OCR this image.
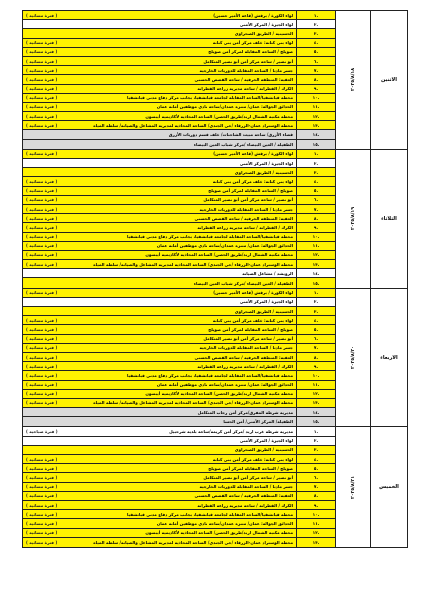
الاثنين
٢٠٢٥/٨/١٨
١.
٢.
٣.
٤.
٥.
٦.
٧.
٨.
٩.
١٠.
١١.
١٢.
١٣.
١٤.
١٥.
لواء الكورة / برقش (قاعة الأمير حسين)
( فترة مسائية )
لواء الجيزة / المركز الأمني
الحسينية / الطريق الصحراوي
لواء بني كنانة: خلف مركز أمن بني كنانة
( فترة مسائية )
صويلح / الساحة المقابلة لمركز أمن صويلح
( فترة مسائية )
أبو نصير / ساحة مركز أمن أبو نصير المتكامل
( فترة مسائية )
جسر مادبا / الساحة المقابلة للدوريات الخارجية
( فترة مسائية )
العقبة: المنطقة الحرفية / ساحة القصص الحسني
( فترة مسائية )
الكرك / القطرانة / ساحة مديرية زراعة القطرانة
( فترة مسائية )
محطة قباتشقيا/الساحة المقابلة لجامعة قباتشقيا، بجانب مركز دفاع مدني قباتشقيا
( فترة مسائية )
الحدائق الجوالة: عمان/ متنزه عمدان/ساحة نادي موظفين أمانة عمان
( فترة مسائية )
محطة مكتبة الشمال اربد/طريق الحصن/ الساحة المحاذية لأكاديمية أيبسون
( فترة مسائية )
محطة الوستراد عمان-الزرقاء /حي الجندي/ الساحة المحاذية لمديرية المشاغل والصيانة/ سلطة المياه
( فترة مسائية )
قضاء الأزرق/ ساحة مبيت الشاحنات/ خلف قسم دوريات الأزرق
الطفيلة / العين البيضاء /مركز شباب العين البيضاء
الثلاثاء
٢٠٢٥/٨/١٩
١.
٢.
٣.
٤.
٥.
٦.
٧.
٨.
٩.
١٠.
١١.
١٢.
١٣.
١٤.
١٥.
لواء الكورة / برقش (قاعة الأمير حسين)
( فترة مسائية )
لواء الجيزة / المركز الأمني
الحسينية / الطريق الصحراوي
لواء بني كنانة: خلف مركز أمن بني كنانة
( فترة مسائية )
صويلح / الساحة المقابلة لمركز أمن صويلح
( فترة مسائية )
أبو نصير / ساحة مركز أمن أبو نصير المتكامل
( فترة مسائية )
جسر مادبا / الساحة المقابلة للدوريات الخارجية
( فترة مسائية )
العقبة: المنطقة الحرفية / ساحة القصص الحسني
( فترة مسائية )
الكرك / القطرانة / ساحة مديرية زراعة القطرانة
( فترة مسائية )
محطة قباتشقيا/الساحة المقابلة لجامعة قباتشقيا، بجانب مركز دفاع مدني قباتشقيا
( فترة مسائية )
الحدائق الجوالة: عمان/ متنزه عمدان/ساحة نادي موظفين أمانة عمان
( فترة مسائية )
محطة مكتبة الشمال اربد/طريق الحصن/ الساحة المحاذية لأكاديمية أيبسون
( فترة مسائية )
محطة الوستراد عمان-الزرقاء /حي الجندي/ الساحة المحاذية لمديرية المشاغل والصيانة/ سلطة المياه
( فترة مسائية )
الرويشد / مشاغل الصيانة
الطفيلة / العين البيضاء /مركز شباب العين البيضاء
الاربعاء
٢٠٢٥/٨/٢٠
١.
٢.
٣.
٤.
٥.
٦.
٧.
٨.
٩.
١٠.
١١.
١٢.
١٣.
١٤.
١٥.
لواء الكورة / برقش (قاعة الأمير حسين)
( فترة مسائية )
لواء الجيزة / المركز الأمني
الحسينية / الطريق الصحراوي
لواء بني كنانة: خلف مركز أمن بني كنانة
( فترة مسائية )
صويلح / الساحة المقابلة لمركز أمن صويلح
( فترة مسائية )
أبو نصير / ساحة مركز أمن أبو نصير المتكامل
( فترة مسائية )
جسر مادبا / الساحة المقابلة للدوريات الخارجية
( فترة مسائية )
العقبة: المنطقة الحرفية / ساحة القصص الحسني
( فترة مسائية )
الكرك / القطرانة / ساحة مديرية زراعة القطرانة
( فترة مسائية )
محطة قباتشقيا/الساحة المقابلة لجامعة قباتشقيا، بجانب مركز دفاع مدني قباتشقيا
( فترة مسائية )
الحدائق الجوالة: عمان/ متنزه عمدان/ساحة نادي موظفين أمانة عمان
( فترة مسائية )
محطة مكتبة الشمال اربد/طريق الحصن/ الساحة المحاذية لأكاديمية أيبسون
( فترة مسائية )
محطة الوستراد عمان-الزرقاء /حي الجندي/ الساحة المحاذية لمديرية المشاغل والصيانة/ سلطة المياه
( فترة مسائية )
مديرية شرطة المفرق/مركز أمن رحاب المتكامل
الطفيلة/ المركز الأمني/ أمن الحسا
الخميس
٢٠٢٥/٨/٢١
١.
٢.
٣.
٤.
٥.
٦.
٧.
٨.
٩.
١٠.
١١.
١٢.
١٣.
مديرية شرطة غرب اربد /مركز أمن كريمة/ساحة بلدية شرحبيل
( فترة صباحية )
لواء الجيزة / المركز الأمني
الحسينية / الطريق الصحراوي
لواء بني كنانة: خلف مركز أمن بني كنانة
( فترة مسائية )
صويلح / الساحة المقابلة لمركز أمن صويلح
( فترة مسائية )
أبو نصير / ساحة مركز أمن أبو نصير المتكامل
( فترة مسائية )
جسر مادبا / الساحة المقابلة للدوريات الخارجية
( فترة مسائية )
العقبة: المنطقة الحرفية / ساحة القصص الحسني
( فترة مسائية )
الكرك / القطرانة / ساحة مديرية زراعة القطرانة
( فترة مسائية )
محطة قباتشقيا/الساحة المقابلة لجامعة قباتشقيا، بجانب مركز دفاع مدني قباتشقيا
( فترة مسائية )
الحدائق الجوالة: عمان/ متنزه عمدان/ساحة نادي موظفين أمانة عمان
( فترة مسائية )
محطة مكتبة الشمال اربد/طريق الحصن/ الساحة المحاذية لأكاديمية أيبسون
( فترة مسائية )
محطة الوستراد عمان-الزرقاء /حي الجندي/ الساحة المحاذية لمديرية المشاغل والصيانة/ سلطة المياه
( فترة مسائية )
